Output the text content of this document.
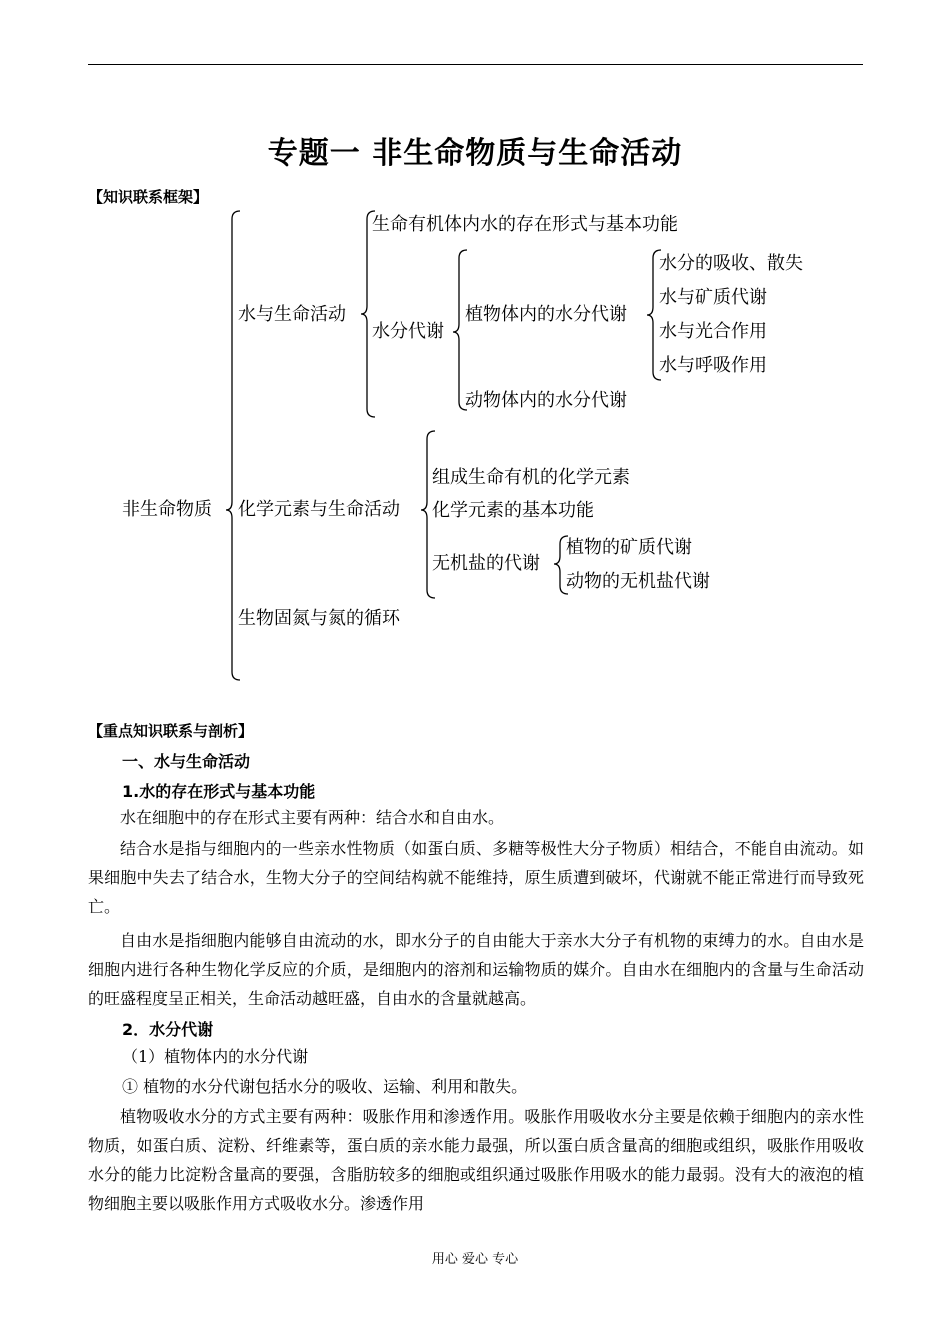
专题一 非生命物质与生命活动
【知识联系框架】
非生命物质
水与生命活动
生命有机体内水的存在形式与基本功能
水分代谢
植物体内的水分代谢
水分的吸收、散失
水与矿质代谢
水与光合作用
水与呼吸作用
动物体内的水分代谢
化学元素与生命活动
组成生命有机的化学元素
化学元素的基本功能
无机盐的代谢
植物的矿质代谢
动物的无机盐代谢
生物固氮与氮的循环
【重点知识联系与剖析】
一、水与生命活动
1.水的存在形式与基本功能
水在细胞中的存在形式主要有两种：结合水和自由水。
结合水是指与细胞内的一些亲水性物质（如蛋白质、多糖等极性大分子物质）相结合，不能自由流动。如果细胞中失去了结合水，生物大分子的空间结构就不能维持，原生质遭到破坏，代谢就不能正常进行而导致死亡。
自由水是指细胞内能够自由流动的水，即水分子的自由能大于亲水大分子有机物的束缚力的水。自由水是细胞内进行各种生物化学反应的介质，是细胞内的溶剂和运输物质的媒介。自由水在细胞内的含量与生命活动的旺盛程度呈正相关，生命活动越旺盛，自由水的含量就越高。
2．水分代谢
（1）植物体内的水分代谢
① 植物的水分代谢包括水分的吸收、运输、利用和散失。
植物吸收水分的方式主要有两种：吸胀作用和渗透作用。吸胀作用吸收水分主要是依赖于细胞内的亲水性物质，如蛋白质、淀粉、纤维素等，蛋白质的亲水能力最强，所以蛋白质含量高的细胞或组织，吸胀作用吸收水分的能力比淀粉含量高的要强，含脂肪较多的细胞或组织通过吸胀作用吸水的能力最弱。没有大的液泡的植物细胞主要以吸胀作用方式吸收水分。渗透作用
用心 爱心 专心
